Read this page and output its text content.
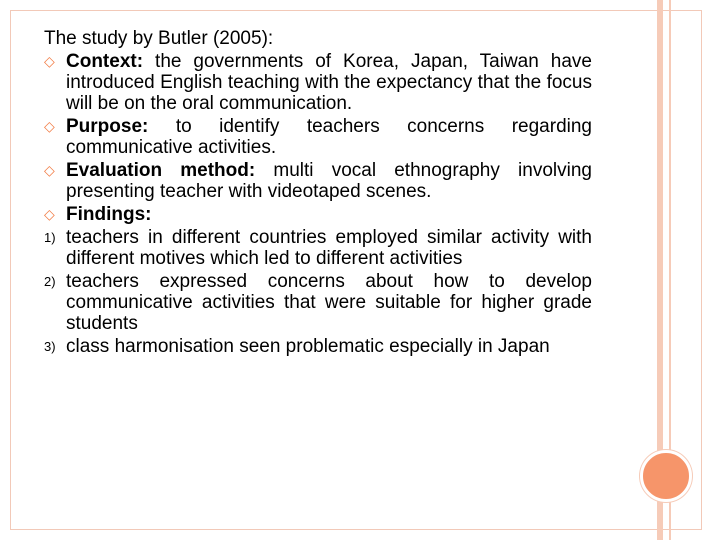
The study by Butler (2005):
◇ Context: the governments of Korea, Japan, Taiwan have introduced English teaching with the expectancy that the focus will be on the oral communication.
◇ Purpose: to identify teachers concerns regarding communicative activities.
◇ Evaluation method: multi vocal ethnography involving presenting teacher with videotaped scenes.
◇ Findings:
1) teachers in different countries employed similar activity with different motives which led to different activities
2) teachers expressed concerns about how to develop communicative activities that were suitable for higher grade students
3) class harmonisation seen problematic especially in Japan
